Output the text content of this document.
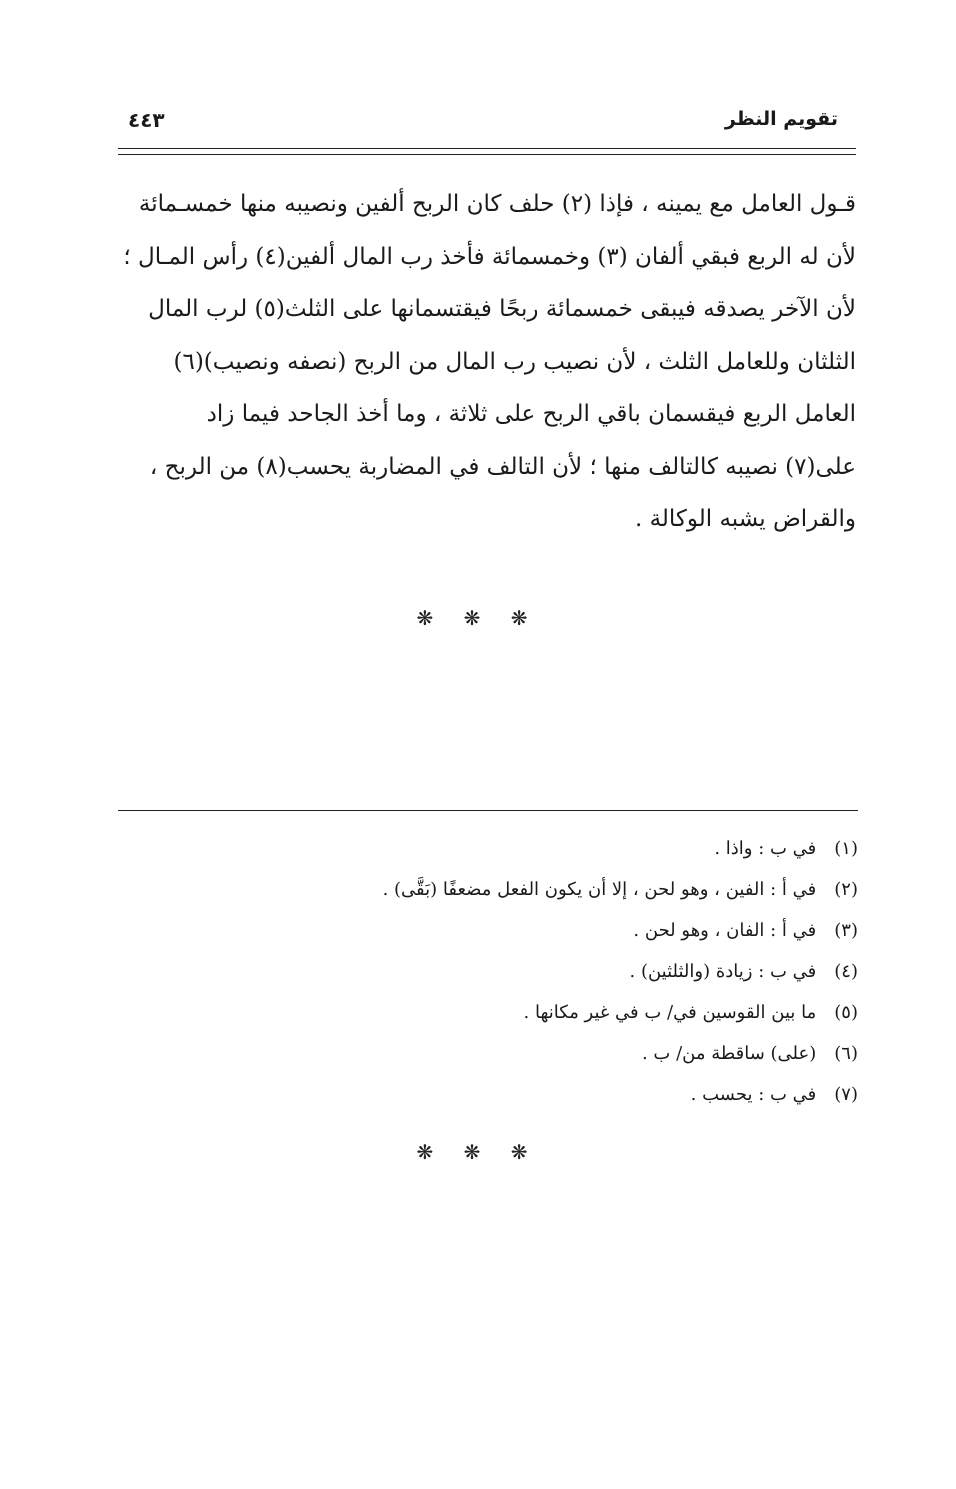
تقويم النظر
٤٤٣
قـول العامل مع يمينه ، فإذا (٢) حلف كان الربح ألفين ونصيبه منها خمسـمائة
لأن له الربع فبقي ألفان (٣) وخمسمائة فأخذ رب المال ألفين(٤) رأس المـال ؛
لأن الآخر يصدقه فيبقى خمسمائة ربحًا فيقتسمانها على الثلث(٥) لرب المال
الثلثان وللعامل الثلث ، لأن نصيب رب المال من الربح (نصفه ونصيب)(٦)
العامل الربع فيقسمان باقي الربح على ثلاثة ، وما أخذ الجاحد فيما زاد
على(٧) نصيبه كالتالف منها ؛ لأن التالف في المضاربة يحسب(٨) من الربح ،
والقراض يشبه الوكالة .
❋ ❋ ❋
(١) في ب : واذا .
(٢) في أ : الفين ، وهو لحن ، إلا أن يكون الفعل مضعفًا (بَقَّى) .
(٣) في أ : الفان ، وهو لحن .
(٤) في ب : زيادة (والثلثين) .
(٥) ما بين القوسين في/ ب في غير مكانها .
(٦) (على) ساقطة من/ ب .
(٧) في ب : يحسب .
❋ ❋ ❋
